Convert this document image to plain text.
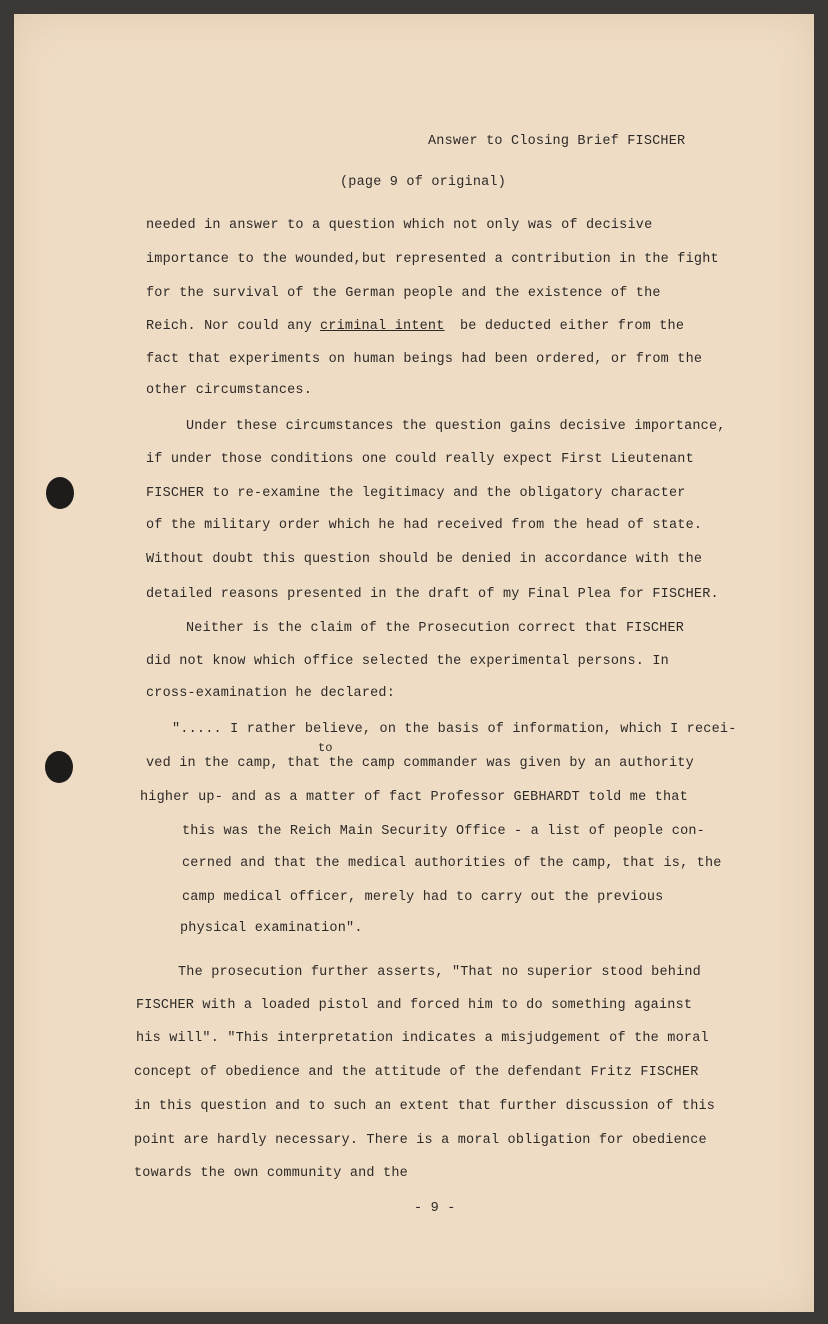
Answer to Closing Brief FISCHER
(page 9 of original)
needed in answer to a question which not only was of decisive
importance to the wounded,but represented a contribution in the fight
for the survival of the German people and the existence of the
Reich. Nor could any criminal intent be deducted either from the
fact that experiments on human beings had been ordered, or from the
other circumstances.
Under these circumstances the question gains decisive importance,
if under those conditions one could really expect First Lieutenant
FISCHER to re-examine the legitimacy and the obligatory character
of the military order which he had received from the head of state.
Without doubt this question should be denied in accordance with the
detailed reasons presented in the draft of my Final Plea for FISCHER.
Neither is the claim of the Prosecution correct that FISCHER
did not know which office selected the experimental persons. In
cross-examination he declared:
"..... I rather believe, on the basis of information, which I recei-
to
ved in the camp, that the camp commander was given by an authority
higher up- and as a matter of fact Professor GEBHARDT told me that
this was the Reich Main Security Office - a list of people con-
cerned and that the medical authorities of the camp, that is, the
camp medical officer, merely had to carry out the previous
physical examination".
The prosecution further asserts, "That no superior stood behind
FISCHER with a loaded pistol and forced him to do something against
his will". "This interpretation indicates a misjudgement of the moral
concept of obedience and the attitude of the defendant Fritz FISCHER
in this question and to such an extent that further discussion of this
point are hardly necessary. There is a moral obligation for obedience
towards the own community and the
- 9 -
